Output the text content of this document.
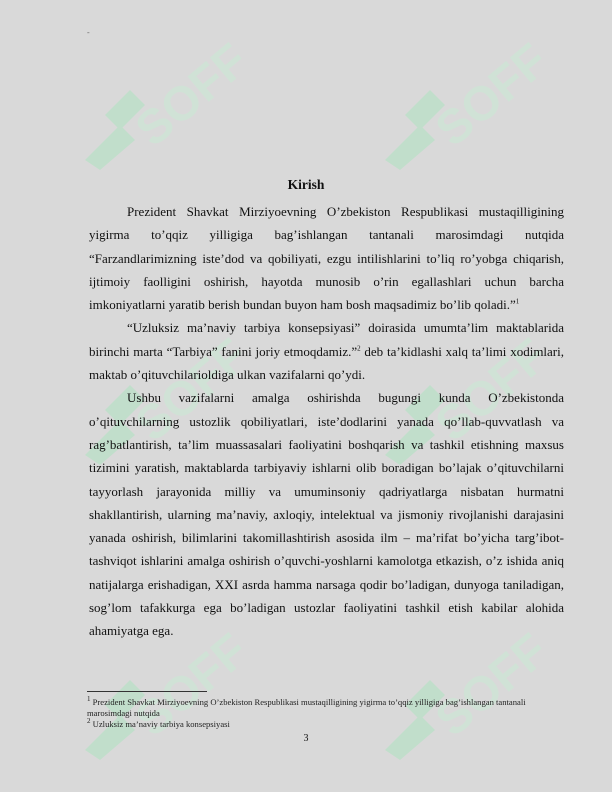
SOFF	SOFF
SOFF	SOFF
SOFF	SOFF
-
Kirish

Prezident Shavkat Mirziyoevning O’zbekiston Respublikasi mustaqilligining yigirma to’qqiz yilligiga bag’ishlangan tantanali marosimdagi nutqida “Farzandlarimizning iste’dod va qobiliyati, ezgu intilishlarini to’liq ro’yobga chiqarish, ijtimoiy faolligini oshirish, hayotda munosib o’rin egallashlari uchun barcha imkoniyatlarni yaratib berish bundan buyon ham bosh maqsadimiz bo’lib qoladi.”$^1$

“Uzluksiz ma’naviy tarbiya konsepsiyasi” doirasida umumta’lim maktablarida birinchi marta “Tarbiya” fanini joriy etmoqdamiz.”$^2$ deb ta’kidlashi xalq ta’limi xodimlari, maktab o’qituvchilarioldiga ulkan vazifalarni qo’ydi.

Ushbu vazifalarni amalga oshirishda bugungi kunda O’zbekistonda o’qituvchilarning ustozlik qobiliyatlari, iste’dodlarini yanada qo’llab-quvvatlash va rag’batlantirish, ta’lim muassasalari faoliyatini boshqarish va tashkil etishning maxsus tizimini yaratish, maktablarda tarbiyaviy ishlarni olib boradigan bo’lajak o’qituvchilarni tayyorlash jarayonida milliy va umuminsoniy qadriyatlarga nisbatan hurmatni shakllantirish, ularning ma’naviy, axloqiy, intelektual va jismoniy rivojlanishi darajasini yanada oshirish, bilimlarini takomillashtirish asosida ilm – ma’rifat bo’yicha targ’ibot-tashviqot ishlarini amalga oshirish o’quvchi-yoshlarni kamolotga etkazish, o’z ishida aniq natijalarga erishadigan, XXI asrda hamma narsaga qodir bo’ladigan, dunyoga taniladigan, sog’lom tafakkurga ega bo’ladigan ustozlar faoliyatini tashkil etish kabilar alohida ahamiyatga ega.

$^1$ Prezident Shavkat Mirziyoevning O’zbekiston Respublikasi mustaqilligining yigirma to’qqiz yilligiga bag’ishlangan tantanali marosimdagi nutqida
$^2$ Uzluksiz ma’naviy tarbiya konsepsiyasi
3
